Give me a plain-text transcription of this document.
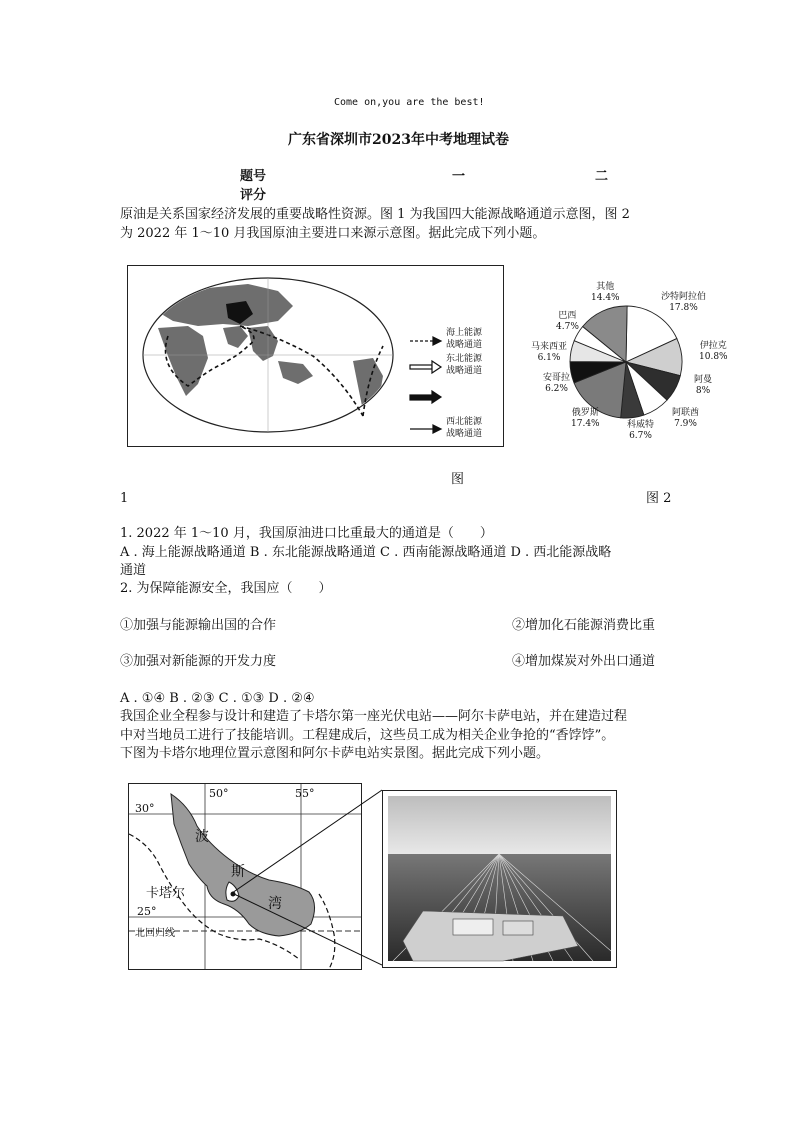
Come on,you are the best!
广东省深圳市2023年中考地理试卷
题号	一	二
评分
原油是关系国家经济发展的重要战略性资源。图 1 为我国四大能源战略通道示意图，图 2
为 2022 年 1～10 月我国原油主要进口来源示意图。据此完成下列小题。
海上能源
战略通道
东北能源
战略通道
西北能源
战略通道
其他
14.4%	沙特阿拉伯
17.8%
巴西
4.7%
伊拉克
10.8%
马来西亚
6.1%
安哥拉
6.2%
阿曼
8%
阿联酋
7.9%
俄罗斯
17.4%	科威特
6.7%
图
1	图 2
1. 2022 年 1～10 月，我国原油进口比重最大的通道是（　　）
A . 海上能源战略通道 B . 东北能源战略通道 C . 西南能源战略通道 D . 西北能源战略
通道
2. 为保障能源安全，我国应（　　）
①加强与能源输出国的合作	②增加化石能源消费比重
③加强对新能源的开发力度	④增加煤炭对外出口通道
A . ①④ B . ②③ C . ①③ D . ②④
我国企业全程参与设计和建造了卡塔尔第一座光伏电站——阿尔卡萨电站，并在建造过程
中对当地员工进行了技能培训。工程建成后，这些员工成为相关企业争抢的“香饽饽”。
下图为卡塔尔地理位置示意图和阿尔卡萨电站实景图。据此完成下列小题。
50°	55°
30°
25°
波
斯
湾
卡塔尔
北回归线
